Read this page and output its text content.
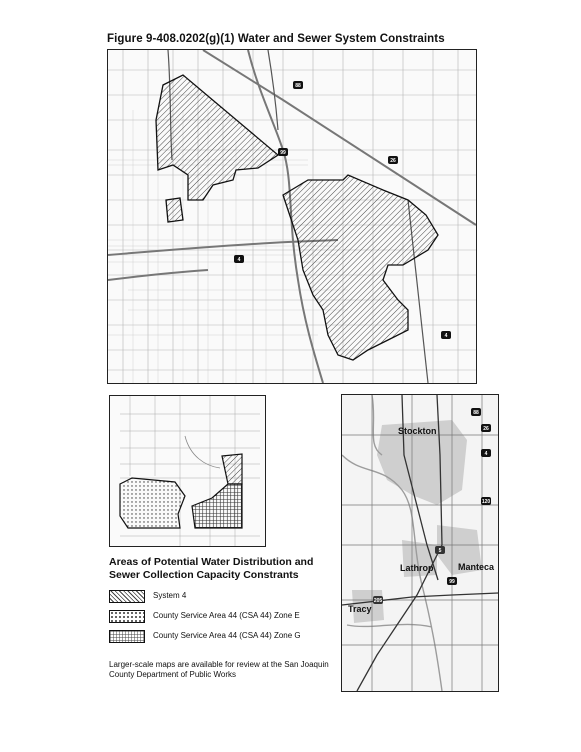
Figure 9-408.0202(g)(1) Water and Sewer System Constraints
88
99
26
4
4
88
26
4
120
99
5
205
Stockton
Lathrop	Manteca
Tracy
Areas of Potential Water Distribution and Sewer Collection Capacity Constrants
System 4
County Service Area 44 (CSA 44) Zone E
County Service Area 44 (CSA 44) Zone G
Larger-scale maps are available for review at the San Joaquin County Department of Public Works
